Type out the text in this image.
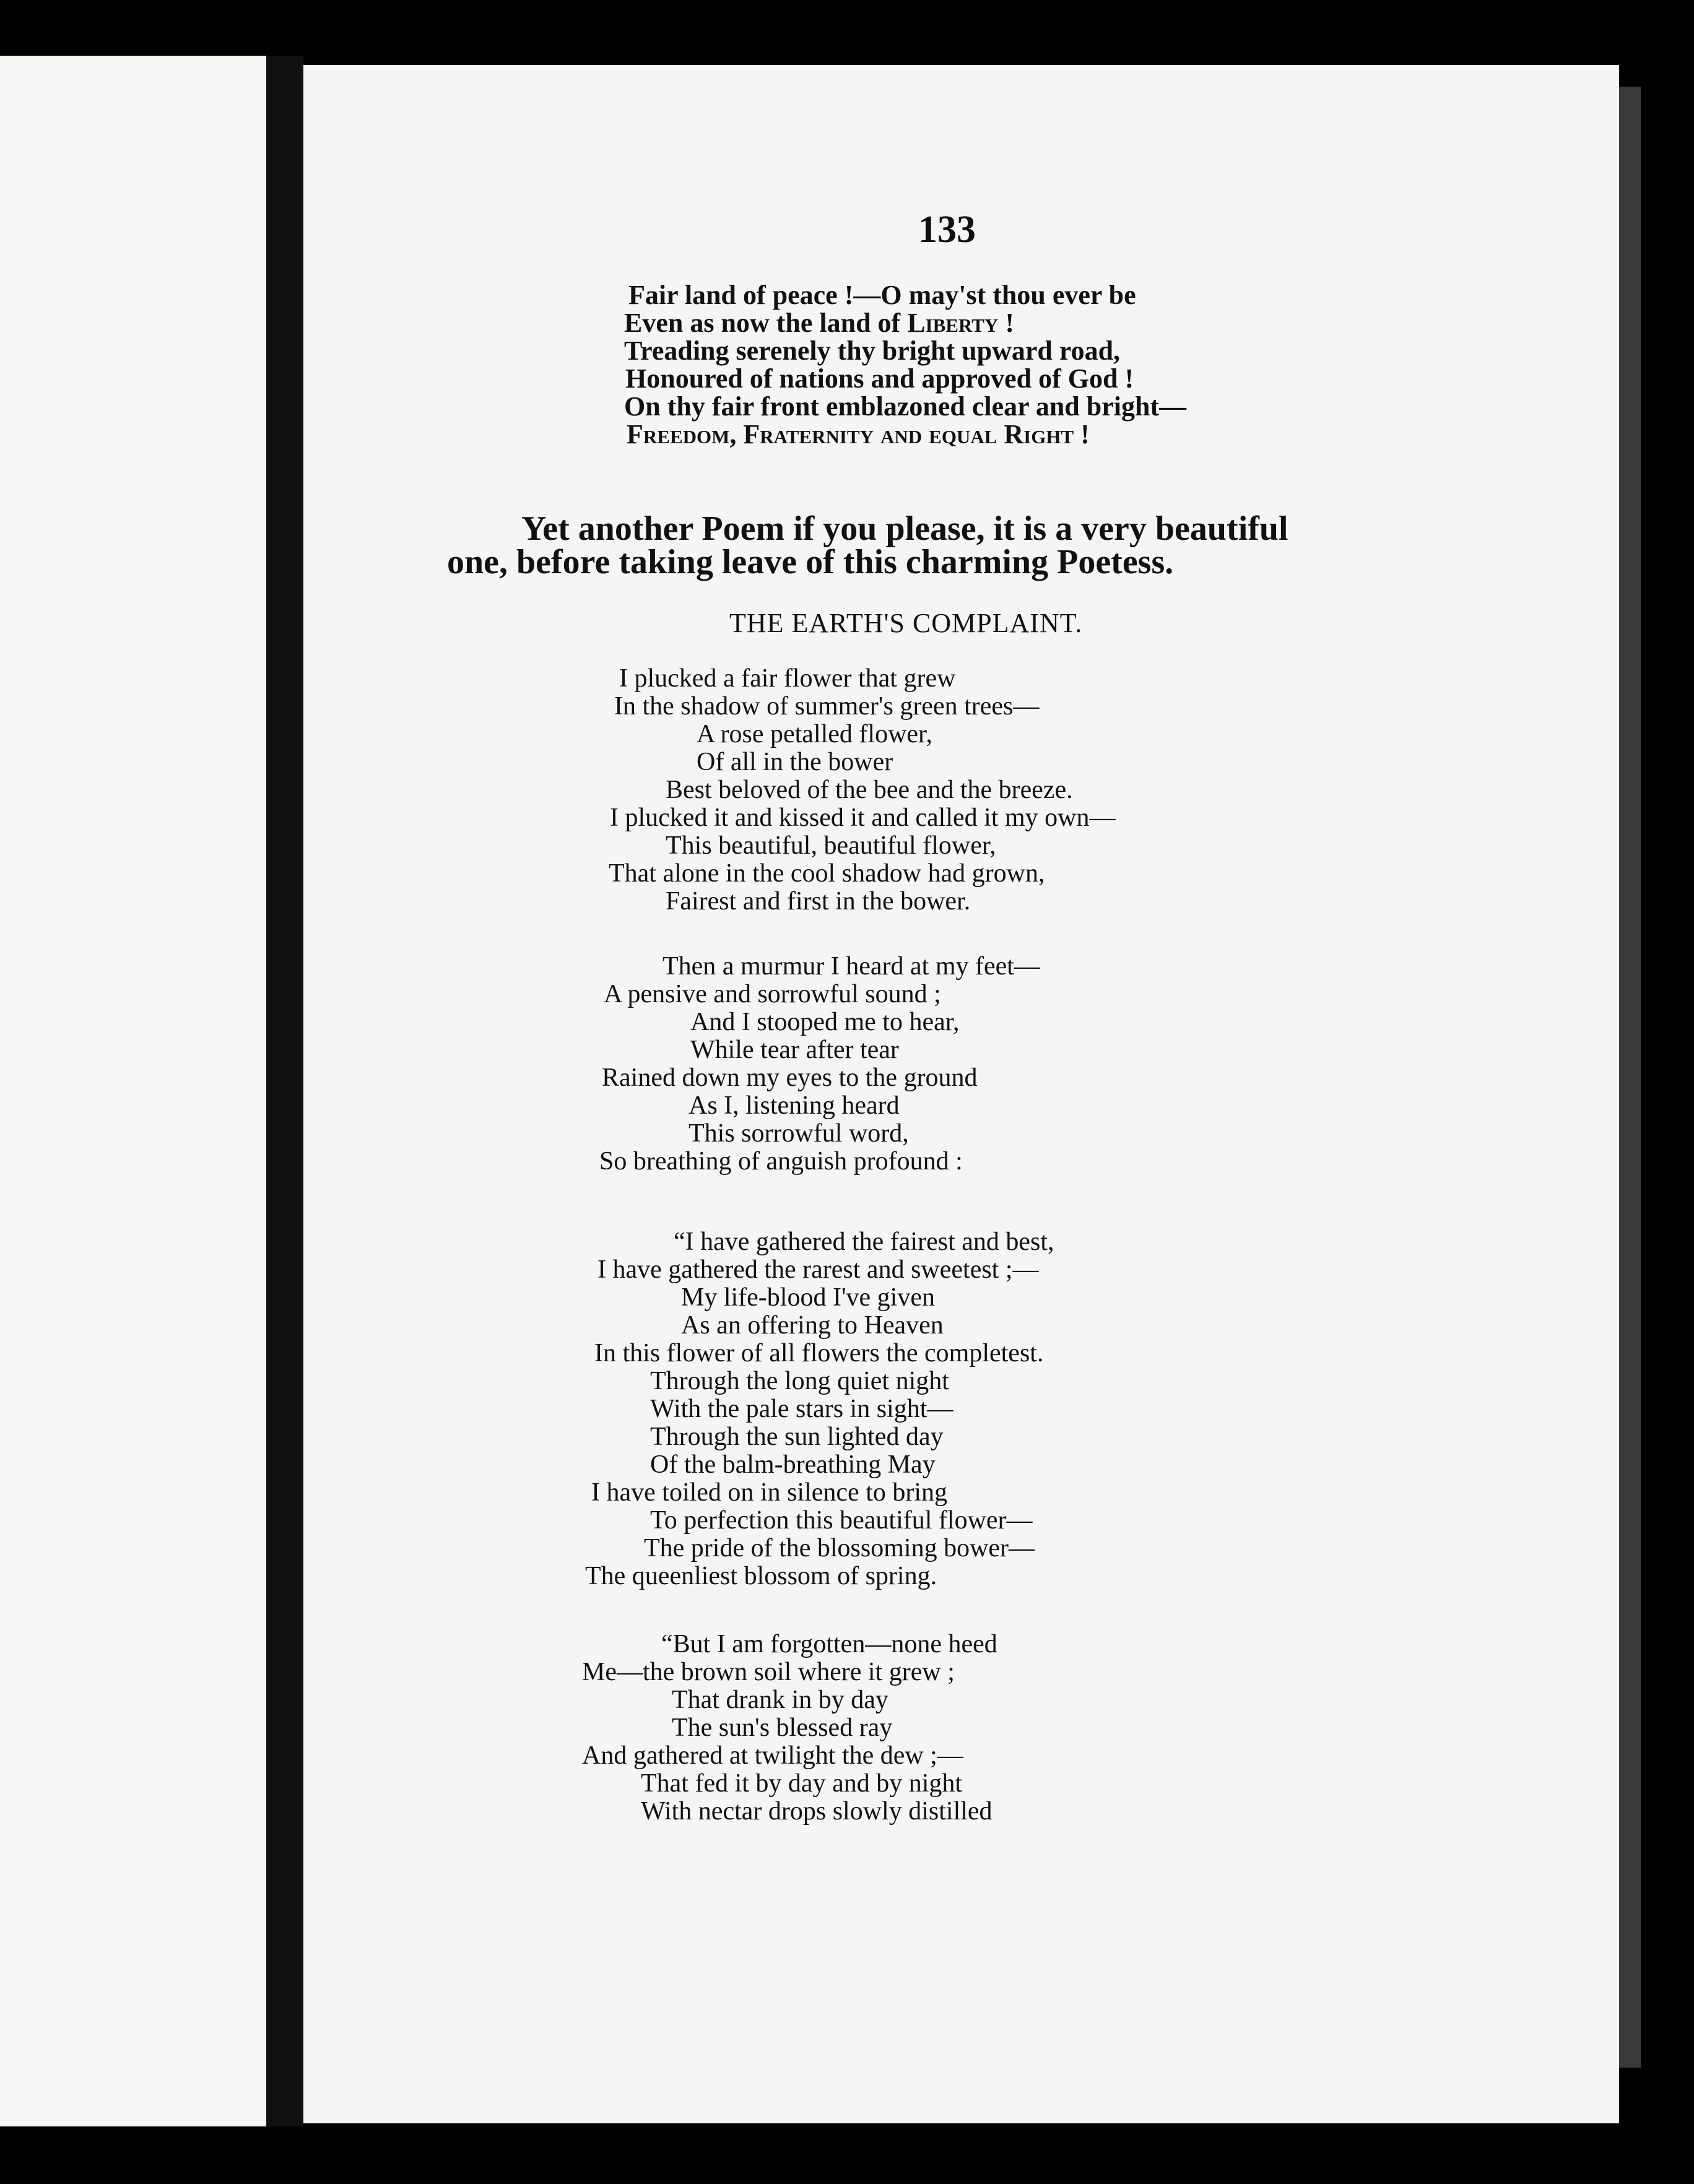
133
Fair land of peace !—O may'st thou ever be
Even as now the land of Liberty !
Treading serenely thy bright upward road,
Honoured of nations and approved of God !
On thy fair front emblazoned clear and bright—
Freedom, Fraternity and equal Right !
Yet another Poem if you please, it is a very beautiful
one, before taking leave of this charming Poetess.
THE EARTH'S COMPLAINT.
I plucked a fair flower that grew
In the shadow of summer's green trees—
A rose petalled flower,
Of all in the bower
Best beloved of the bee and the breeze.
I plucked it and kissed it and called it my own—
This beautiful, beautiful flower,
That alone in the cool shadow had grown,
Fairest and first in the bower.
Then a murmur I heard at my feet—
A pensive and sorrowful sound ;
And I stooped me to hear,
While tear after tear
Rained down my eyes to the ground
As I, listening heard
This sorrowful word,
So breathing of anguish profound :
“I have gathered the fairest and best,
I have gathered the rarest and sweetest ;—
My life-blood I've given
As an offering to Heaven
In this flower of all flowers the completest.
Through the long quiet night
With the pale stars in sight—
Through the sun lighted day
Of the balm-breathing May
I have toiled on in silence to bring
To perfection this beautiful flower—
The pride of the blossoming bower—
The queenliest blossom of spring.
“But I am forgotten—none heed
Me—the brown soil where it grew ;
That drank in by day
The sun's blessed ray
And gathered at twilight the dew ;—
That fed it by day and by night
With nectar drops slowly distilled
